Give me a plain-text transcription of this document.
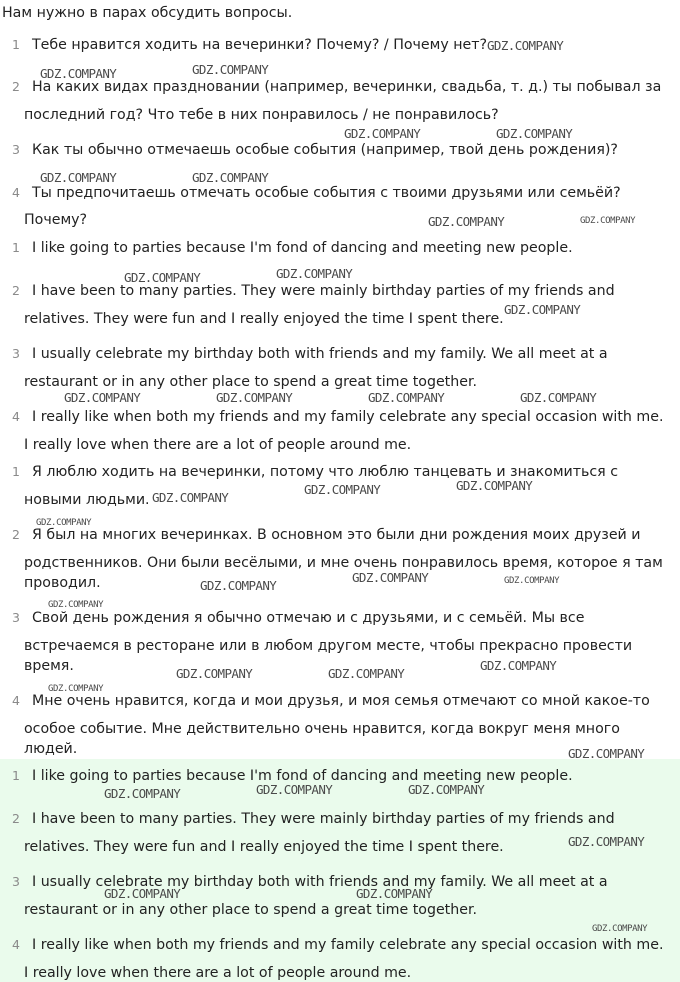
Нам нужно в парах обсудить вопросы.
1 Тебе нравится ходить на вечеринки? Почему? / Почему нет?
2 На каких видах праздновании (например, вечеринки, свадьба, т. д.) ты побывал за
последний год? Что тебе в них понравилось / не понравилось?
3 Как ты обычно отмечаешь особые события (например, твой день рождения)?
4 Ты предпочитаешь отмечать особые события с твоими друзьями или семьёй?
Почему?
1 I like going to parties because I'm fond of dancing and meeting new people.
2 I have been to many parties. They were mainly birthday parties of my friends and
relatives. They were fun and I really enjoyed the time I spent there.
3 I usually celebrate my birthday both with friends and my family. We all meet at a
restaurant or in any other place to spend a great time together.
4 I really like when both my friends and my family celebrate any special occasion with me.
I really love when there are a lot of people around me.
1 Я люблю ходить на вечеринки, потому что люблю танцевать и знакомиться с
новыми людьми.
2 Я был на многих вечеринках. В основном это были дни рождения моих друзей и
родственников. Они были весёлыми, и мне очень понравилось время, которое я там
проводил.
3 Свой день рождения я обычно отмечаю и с друзьями, и с семьёй. Мы все
встречаемся в ресторане или в любом другом месте, чтобы прекрасно провести
время.
4 Мне очень нравится, когда и мои друзья, и моя семья отмечают со мной какое-то
особое событие. Мне действительно очень нравится, когда вокруг меня много
людей.
1 I like going to parties because I'm fond of dancing and meeting new people.
2 I have been to many parties. They were mainly birthday parties of my friends and
relatives. They were fun and I really enjoyed the time I spent there.
3 I usually celebrate my birthday both with friends and my family. We all meet at a
restaurant or in any other place to spend a great time together.
4 I really like when both my friends and my family celebrate any special occasion with me.
I really love when there are a lot of people around me.
GDZ.COMPANY
GDZ.COMPANY	GDZ.COMPANY
GDZ.COMPANY	GDZ.COMPANY
GDZ.COMPANY	GDZ.COMPANY
GDZ.COMPANY	GDZ.COMPANY
GDZ.COMPANY	GDZ.COMPANY
GDZ.COMPANY
GDZ.COMPANY	GDZ.COMPANY	GDZ.COMPANY	GDZ.COMPANY
GDZ.COMPANY
GDZ.COMPANY	GDZ.COMPANY
GDZ.COMPANY
GDZ.COMPANY
GDZ.COMPANY	GDZ.COMPANY
GDZ.COMPANY
GDZ.COMPANY	GDZ.COMPANY
GDZ.COMPANY
GDZ.COMPANY
GDZ.COMPANY
GDZ.COMPANY	GDZ.COMPANY	GDZ.COMPANY
GDZ.COMPANY
GDZ.COMPANY	GDZ.COMPANY
GDZ.COMPANY
